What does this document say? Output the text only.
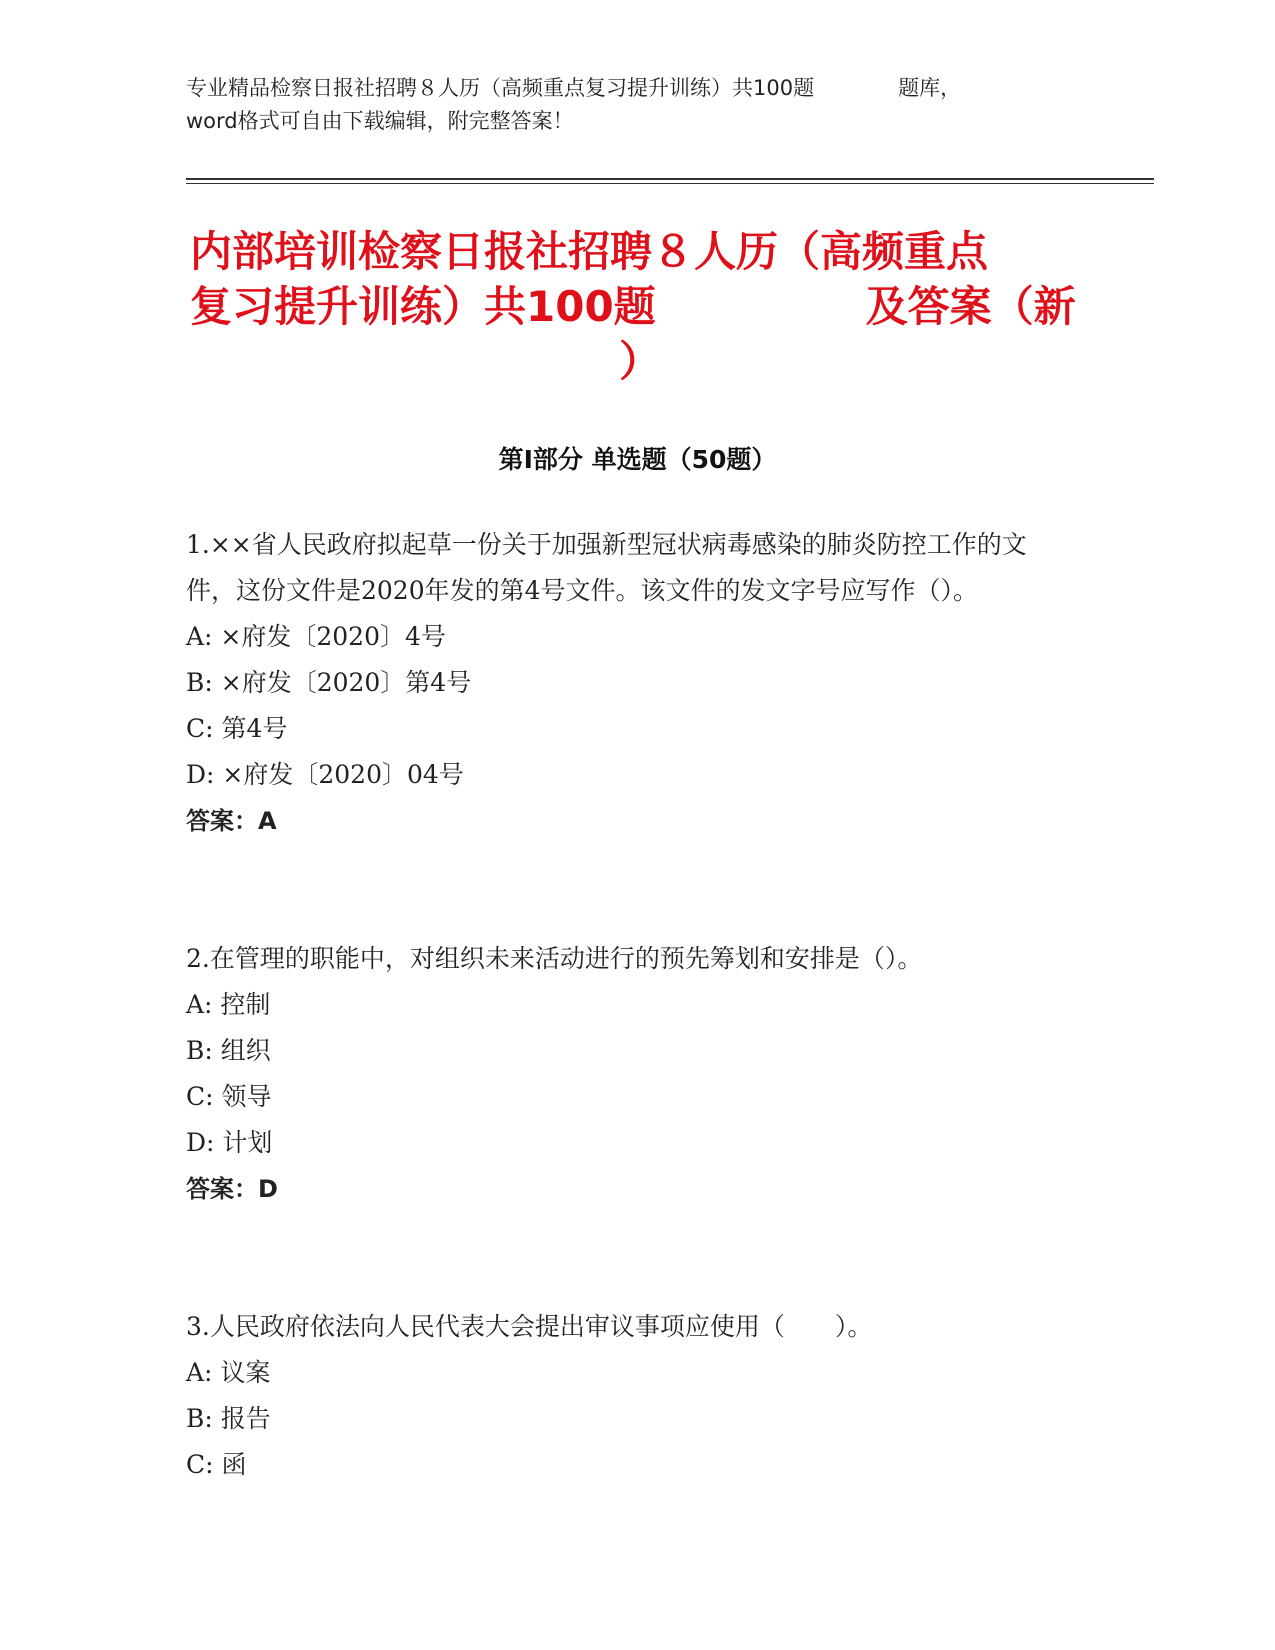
专业精品检察日报社招聘８人历（高频重点复习提升训练）共100题　　　　题库，
word格式可自由下载编辑，附完整答案！
内部培训检察日报社招聘８人历（高频重点
复习提升训练）共100题　　　　　及答案（新
）
第Ⅰ部分 单选题（50题）
1.××省人民政府拟起草一份关于加强新型冠状病毒感染的肺炎防控工作的文件，这份文件是2020年发的第4号文件。该文件的发文字号应写作（）。
A: ×府发〔2020〕4号
B: ×府发〔2020〕第4号
C: 第4号
D: ×府发〔2020〕04号
答案：A
2.在管理的职能中，对组织未来活动进行的预先筹划和安排是（）。
A: 控制
B: 组织
C: 领导
D: 计划
答案：D
3.人民政府依法向人民代表大会提出审议事项应使用（　　）。
A: 议案
B: 报告
C: 函
